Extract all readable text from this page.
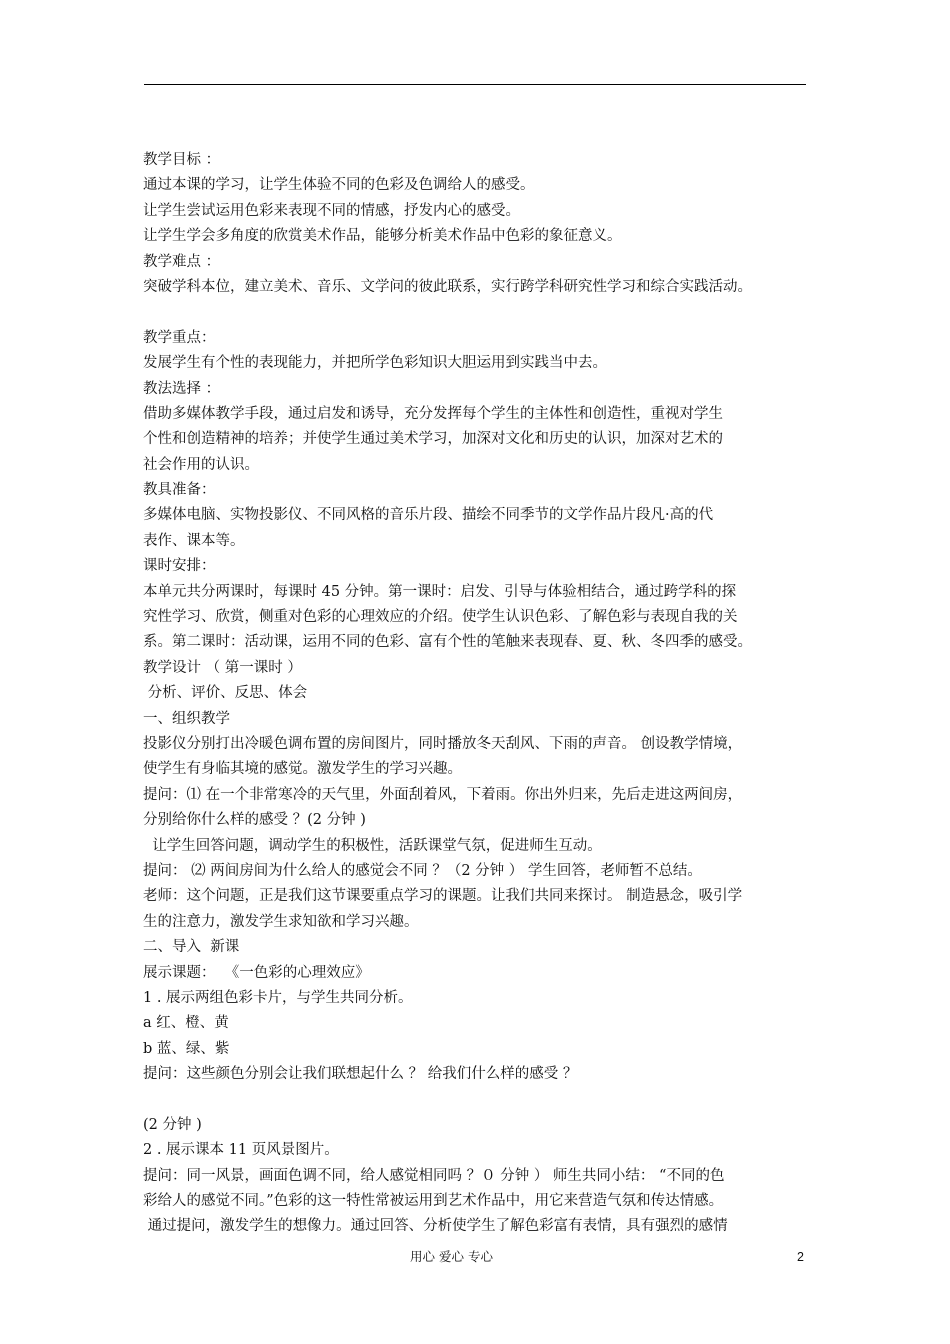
教学目标 ：
通过本课的学习，让学生体验不同的色彩及色调给人的感受。
让学生尝试运用色彩来表现不同的情感，抒发内心的感受。
让学生学会多角度的欣赏美术作品，能够分析美术作品中色彩的象征意义。
教学难点 ：
突破学科本位，建立美术、音乐、文学问的彼此联系，实行跨学科研究性学习和综合实践活动。
教学重点：
发展学生有个性的表现能力，并把所学色彩知识大胆运用到实践当中去。
教法选择 ：
借助多媒体教学手段，通过启发和诱导，充分发挥每个学生的主体性和创造性，重视对学生
个性和创造精神的培养；并使学生通过美术学习，加深对文化和历史的认识，加深对艺术的
社会作用的认识。
教具准备：
多媒体电脑、实物投影仪、不同风格的音乐片段、描绘不同季节的文学作品片段凡·高的代
表作、课本等。
课时安排：
本单元共分两课时，每课时 45 分钟。第一课时：启发、引导与体验相结合，通过跨学科的探
究性学习、欣赏，侧重对色彩的心理效应的介绍。使学生认识色彩、了解色彩与表现自我的关
系。第二课时：活动课，运用不同的色彩、富有个性的笔触来表现春、夏、秋、冬四季的感受。
教学设计 （ 第一课时 ）
分析、评价、反思、体会
一、组织教学
投影仪分别打出冷暖色调布置的房间图片，同时播放冬天刮风、下雨的声音。 创设教学情境，
使学生有身临其境的感觉。激发学生的学习兴趣。
提问：⑴ 在一个非常寒冷的天气里，外面刮着风，下着雨。你出外归来，先后走进这两间房，
分别给你什么样的感受 ？(2 分钟 )
让学生回答问题，调动学生的积极性，活跃课堂气氛，促进师生互动。
提问： ⑵ 两间房间为什么给人的感觉会不同 ？（2 分钟 ） 学生回答，老师暂不总结。
老师：这个问题，正是我们这节课要重点学习的课题。让我们共同来探讨。 制造悬念，吸引学
生的注意力，激发学生求知欲和学习兴趣。
二、导入  新课
展示课题：  《一色彩的心理效应》
1 . 展示两组色彩卡片，与学生共同分析。
a 红、橙、黄
b 蓝、绿、紫
提问：这些颜色分别会让我们联想起什么 ？ 给我们什么样的感受 ？
(2 分钟 )
2 . 展示课本 11 页风景图片。
提问：同一风景，画面色调不同，给人感觉相同吗 ？０ 分钟 ） 师生共同小结： “不同的色
彩给人的感觉不同。”色彩的这一特性常被运用到艺术作品中，用它来营造气氛和传达情感。
通过提问，激发学生的想像力。通过回答、分析使学生了解色彩富有表情，具有强烈的感情
用心 爱心 专心	2
